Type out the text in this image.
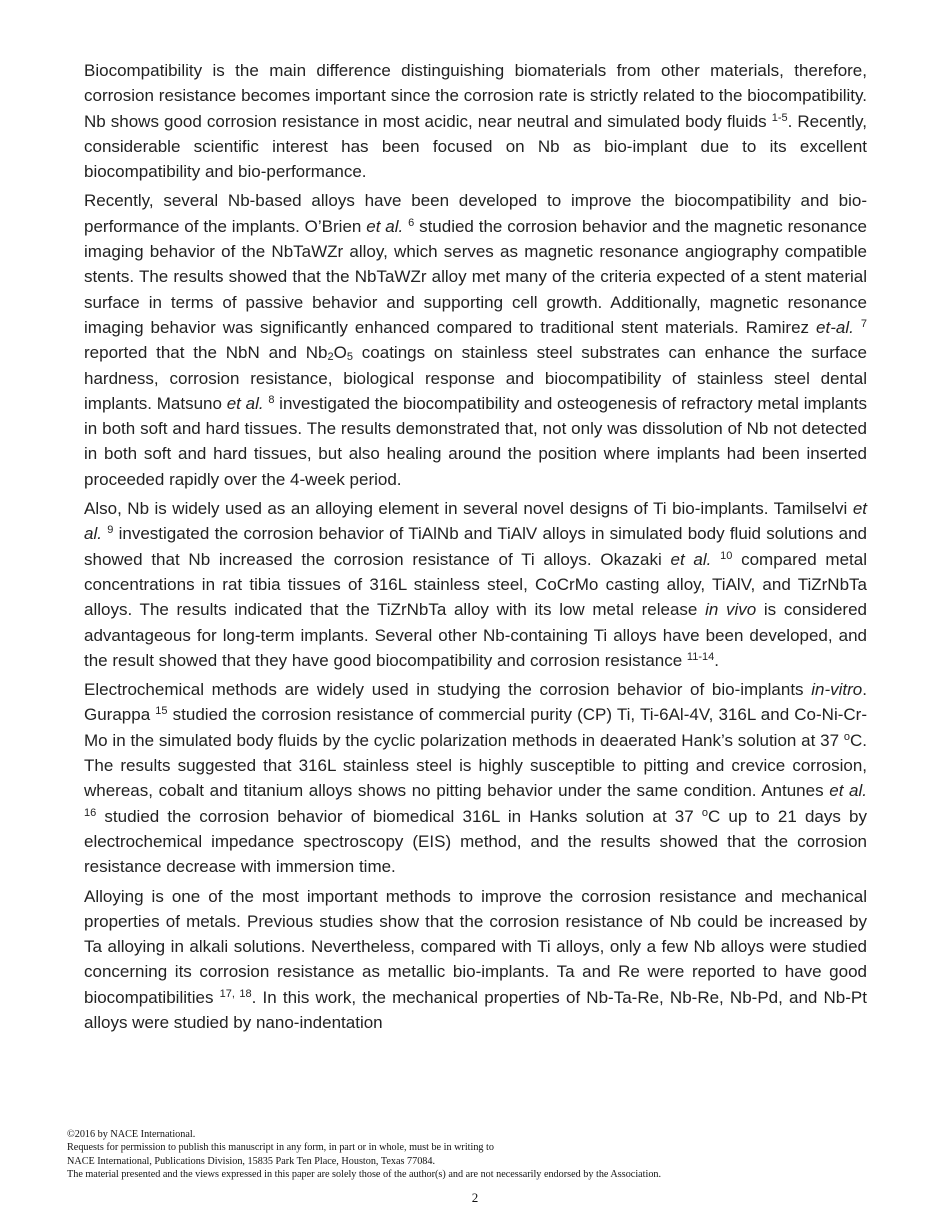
Biocompatibility is the main difference distinguishing biomaterials from other materials, therefore, corrosion resistance becomes important since the corrosion rate is strictly related to the biocompatibility. Nb shows good corrosion resistance in most acidic, near neutral and simulated body fluids $^{1-5}$. Recently, considerable scientific interest has been focused on Nb as bio-implant due to its excellent biocompatibility and bio-performance.

Recently, several Nb-based alloys have been developed to improve the biocompatibility and bio-performance of the implants. O’Brien et al. $^6$ studied the corrosion behavior and the magnetic resonance imaging behavior of the NbTaWZr alloy, which serves as magnetic resonance angiography compatible stents. The results showed that the NbTaWZr alloy met many of the criteria expected of a stent material surface in terms of passive behavior and supporting cell growth. Additionally, magnetic resonance imaging behavior was significantly enhanced compared to traditional stent materials. Ramirez et-al. $^7$ reported that the NbN and $Nb_2O_5$ coatings on stainless steel substrates can enhance the surface hardness, corrosion resistance, biological response and biocompatibility of stainless steel dental implants. Matsuno et al. $^8$ investigated the biocompatibility and osteogenesis of refractory metal implants in both soft and hard tissues. The results demonstrated that, not only was dissolution of Nb not detected in both soft and hard tissues, but also healing around the position where implants had been inserted proceeded rapidly over the 4-week period.

Also, Nb is widely used as an alloying element in several novel designs of Ti bio-implants. Tamilselvi et al. $^9$ investigated the corrosion behavior of TiAlNb and TiAlV alloys in simulated body fluid solutions and showed that Nb increased the corrosion resistance of Ti alloys. Okazaki et al. $^{10}$ compared metal concentrations in rat tibia tissues of 316L stainless steel, CoCrMo casting alloy, TiAlV, and TiZrNbTa alloys. The results indicated that the TiZrNbTa alloy with its low metal release in vivo is considered advantageous for long-term implants. Several other Nb-containing Ti alloys have been developed, and the result showed that they have good biocompatibility and corrosion resistance $^{11-14}$.

Electrochemical methods are widely used in studying the corrosion behavior of bio-implants in-vitro. Gurappa $^{15}$ studied the corrosion resistance of commercial purity (CP) Ti, Ti-6Al-4V, 316L and Co-Ni-Cr-Mo in the simulated body fluids by the cyclic polarization methods in deaerated Hank’s solution at 37 $^o$C. The results suggested that 316L stainless steel is highly susceptible to pitting and crevice corrosion, whereas, cobalt and titanium alloys shows no pitting behavior under the same condition. Antunes et al. $^{16}$ studied the corrosion behavior of biomedical 316L in Hanks solution at 37 $^o$C up to 21 days by electrochemical impedance spectroscopy (EIS) method, and the results showed that the corrosion resistance decrease with immersion time.

Alloying is one of the most important methods to improve the corrosion resistance and mechanical properties of metals. Previous studies show that the corrosion resistance of Nb could be increased by Ta alloying in alkali solutions. Nevertheless, compared with Ti alloys, only a few Nb alloys were studied concerning its corrosion resistance as metallic bio-implants. Ta and Re were reported to have good biocompatibilities $^{17, 18}$. In this work, the mechanical properties of Nb-Ta-Re, Nb-Re, Nb-Pd, and Nb-Pt alloys were studied by nano-indentation

©2016 by NACE International.
Requests for permission to publish this manuscript in any form, in part or in whole, must be in writing to
NACE International, Publications Division, 15835 Park Ten Place, Houston, Texas 77084.
The material presented and the views expressed in this paper are solely those of the author(s) and are not necessarily endorsed by the Association.
2
